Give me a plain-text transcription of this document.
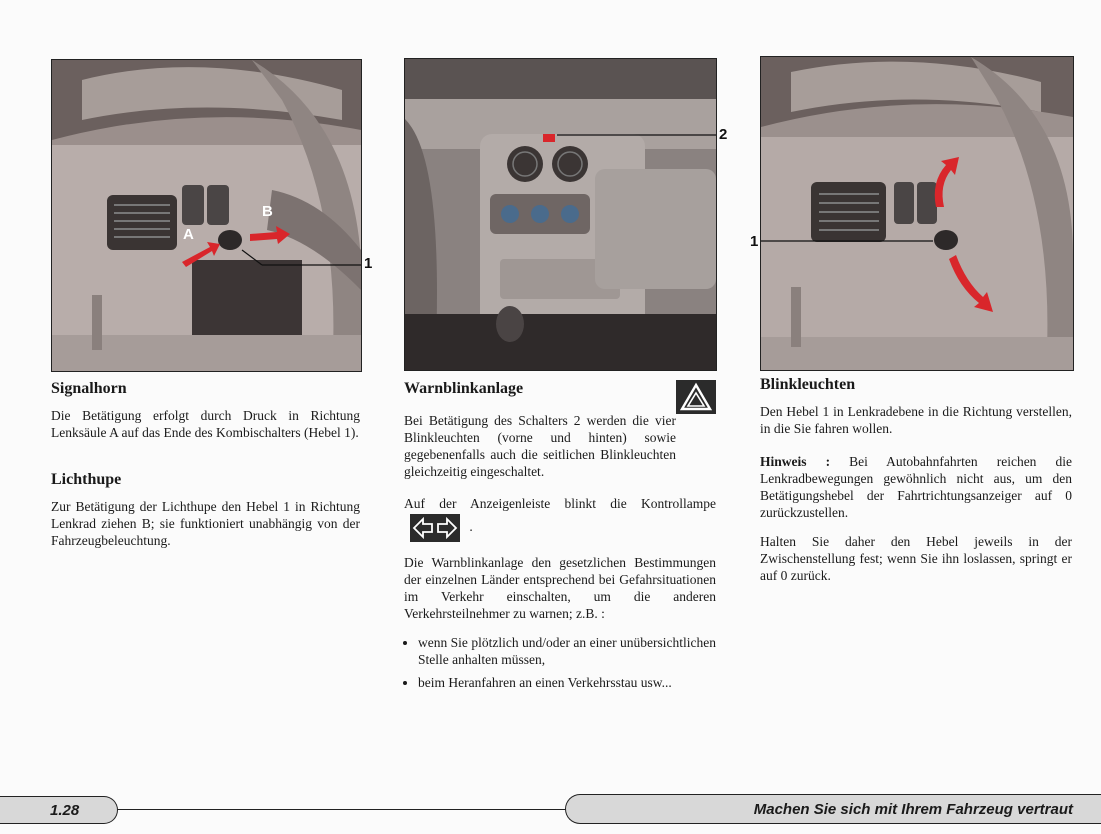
A
B
1
2
1
Signalhorn

Die Betätigung erfolgt durch Druck in Richtung Lenksäule A auf das Ende des Kombischalters (Hebel 1).

Lichthupe

Zur Betätigung der Lichthupe den Hebel 1 in Richtung Lenkrad ziehen B; sie funktioniert unabhängig von der Fahrzeugbeleuchtung.

Warnblinkanlage

Bei Betätigung des Schalters 2 werden die vier Blinkleuchten (vorne und hinten) sowie gegebenenfalls auch die seitlichen Blinkleuchten gleichzeitig eingeschaltet.

Auf der Anzeigenleiste blinkt die Kontrollampe  .

Die Warnblinkanlage den gesetzlichen Bestimmungen der einzelnen Länder entsprechend bei Gefahrsituationen im Verkehr einschalten, um die anderen Verkehrsteilnehmer zu warnen; z.B. :

• wenn Sie plötzlich und/oder an einer unübersichtlichen Stelle anhalten müssen,
• beim Heranfahren an einen Verkehrsstau usw...
Blinkleuchten

Den Hebel 1 in Lenkradebene in die Richtung verstellen, in die Sie fahren wollen.

Hinweis : Bei Autobahnfahrten reichen die Lenkradbewegungen gewöhnlich nicht aus, um den Betätigungshebel der Fahrtrichtungsanzeiger auf 0 zurückzustellen.

Halten Sie daher den Hebel jeweils in der Zwischenstellung fest; wenn Sie ihn loslassen, springt er auf 0 zurück.

1.28	Machen Sie sich mit Ihrem Fahrzeug vertraut
